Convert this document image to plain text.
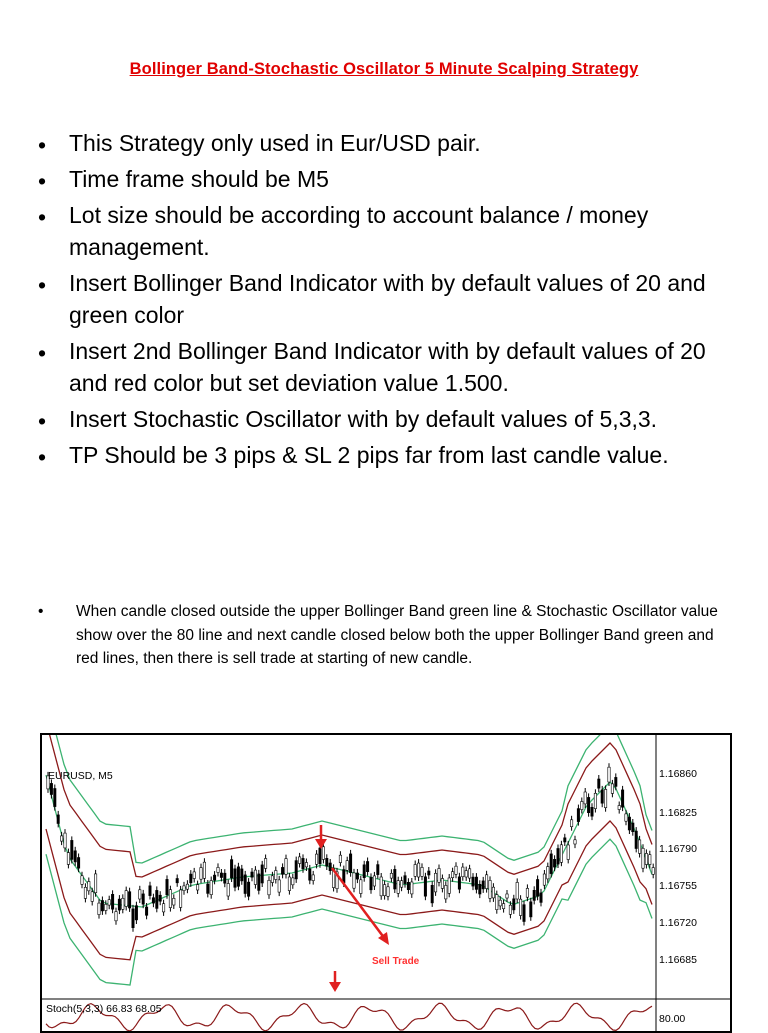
Bollinger Band-Stochastic Oscillator 5 Minute Scalping Strategy
• This Strategy only used in Eur/USD pair.
• Time frame should be M5
• Lot size should be according to account balance / money management.
• Insert Bollinger Band Indicator with by default values of 20 and green color
• Insert 2nd Bollinger Band Indicator with by default values of 20 and red color but set deviation value 1.500.
• Insert Stochastic Oscillator with by default values of 5,3,3.
• TP Should be 3 pips & SL 2 pips far from last candle value.
• When candle closed outside the upper Bollinger Band green line & Stochastic Oscillator value show over the 80 line and next candle closed below both the upper Bollinger Band green and red lines, then there is sell trade at starting of new candle.
EURUSD, M5	1.16860
1.16825
1.16790
1.16755
1.16720
1.16685
Sell Trade
Stoch(5,3,3) 66.83 68.05
80.00
